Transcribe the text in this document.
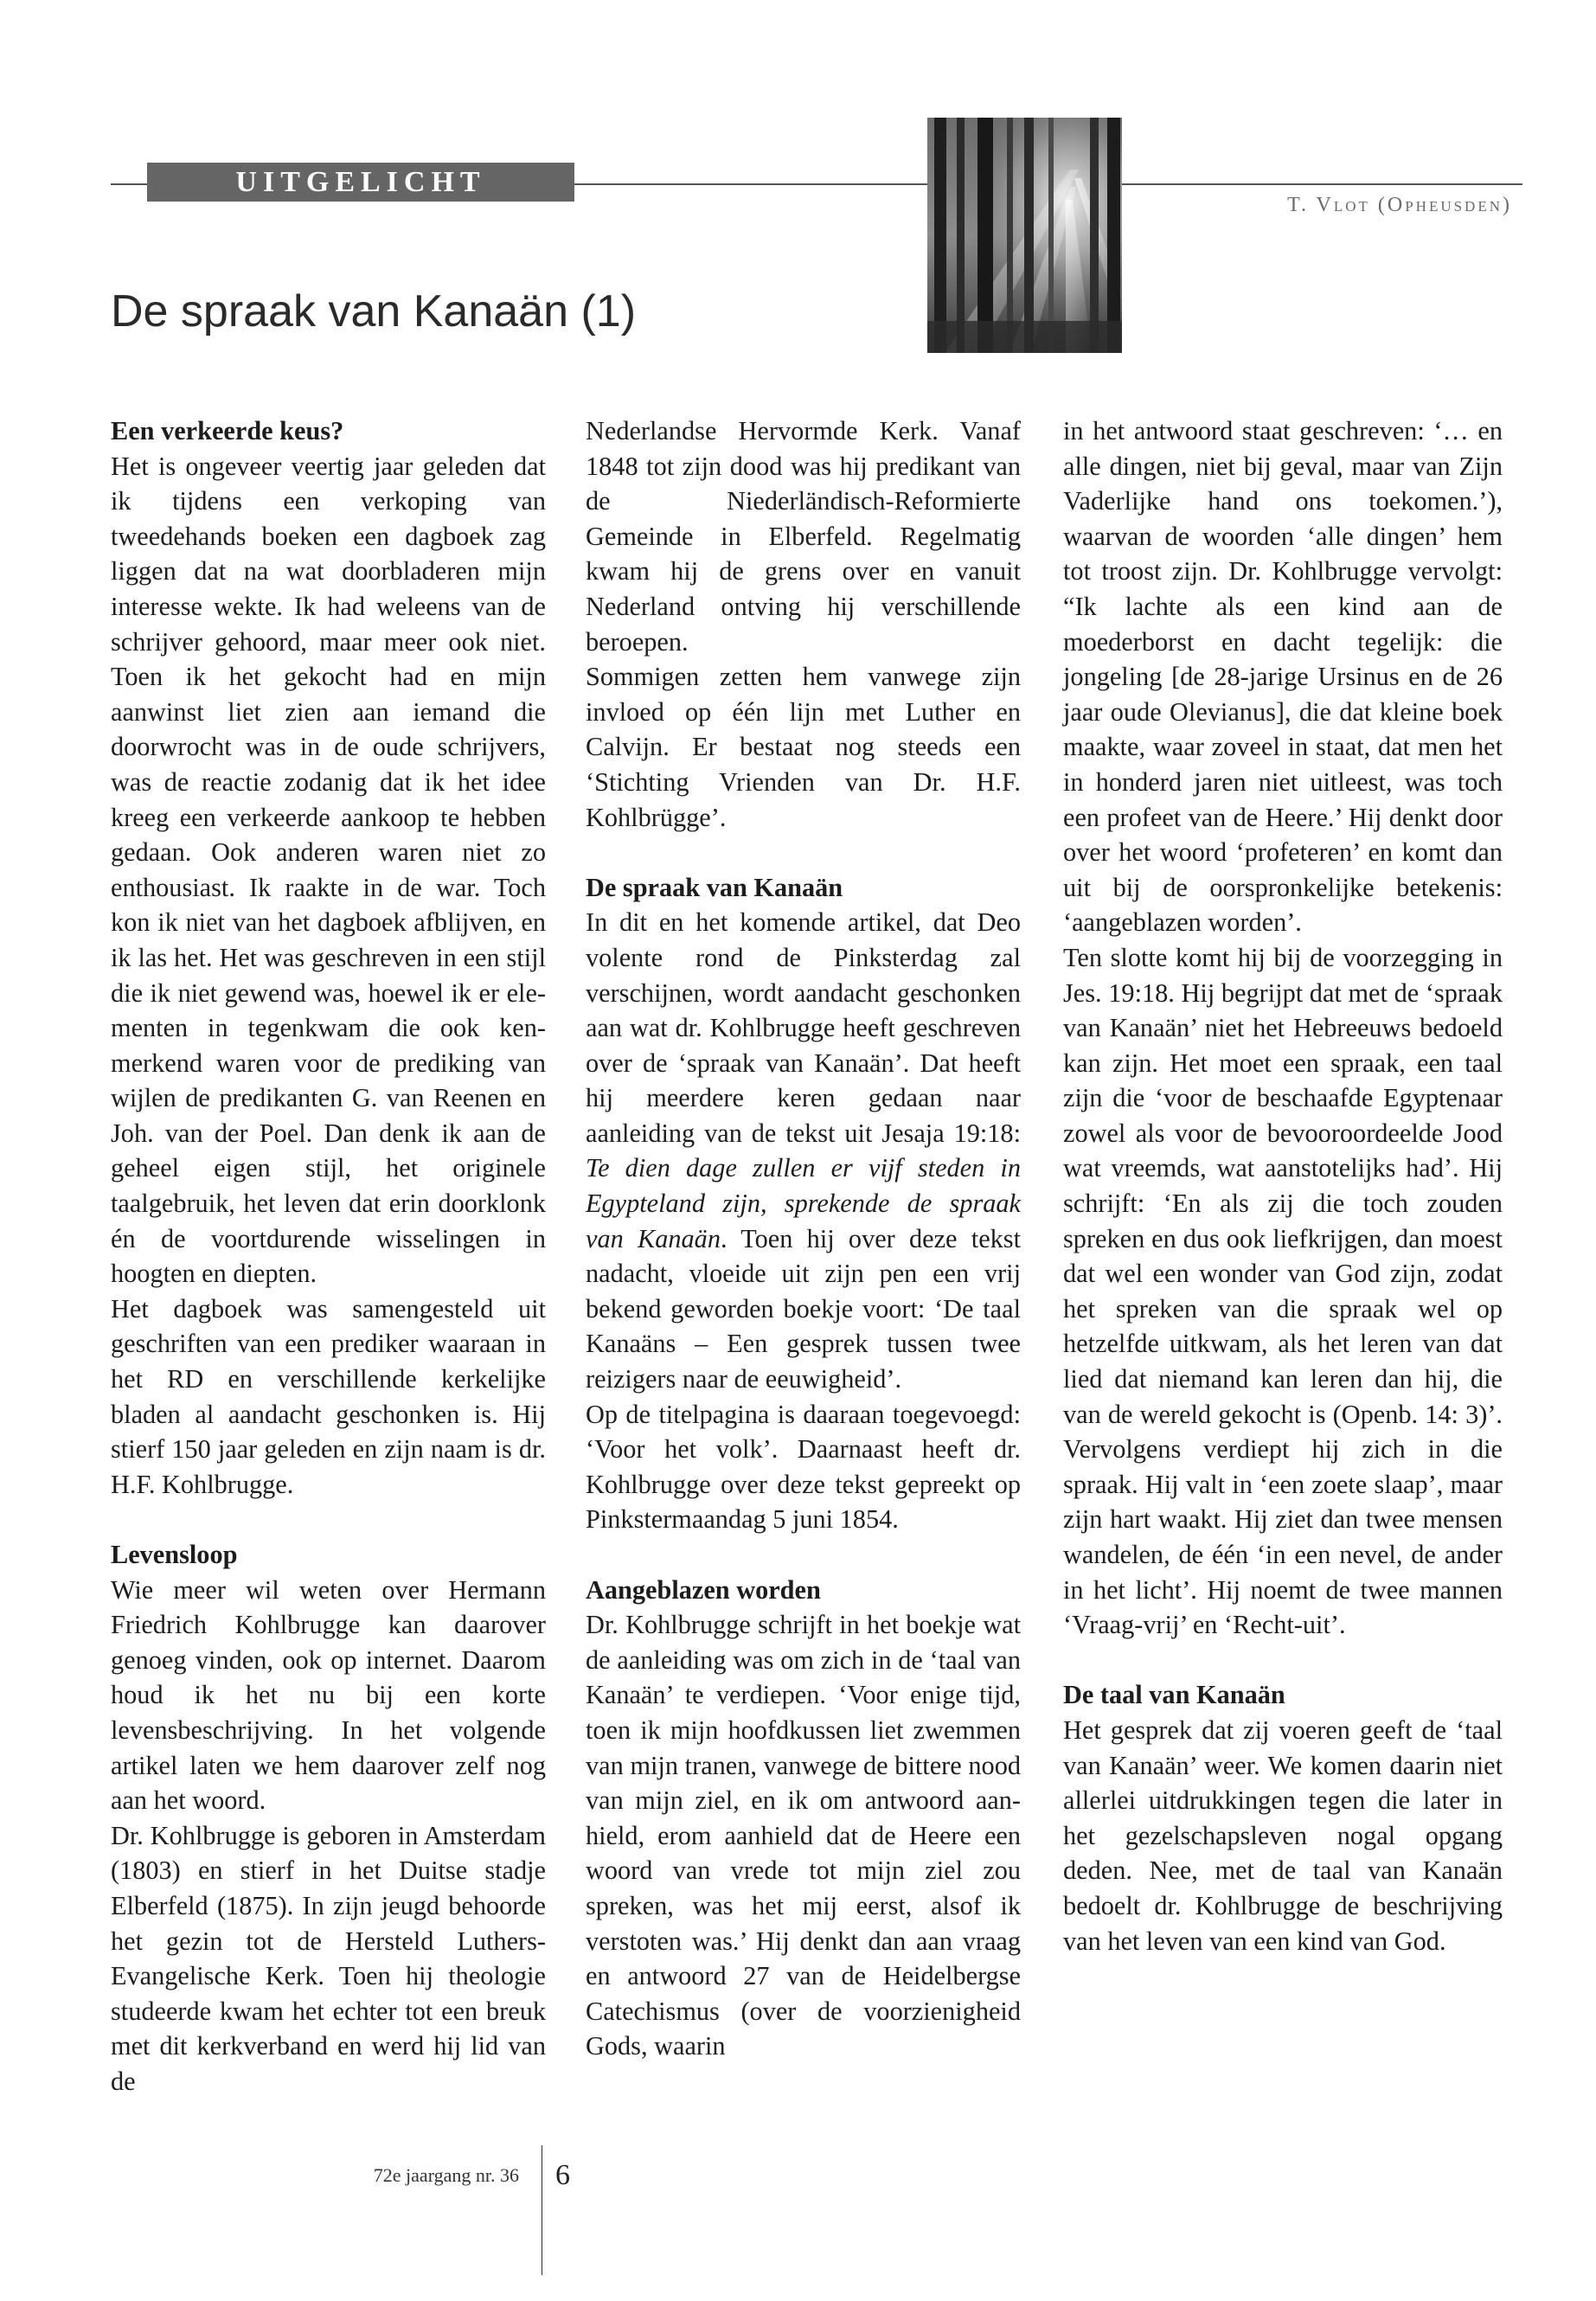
UITGELICHT
T. Vlot (Opheusden)
De spraak van Kanaän (1)
Een verkeerde keus?

Het is ongeveer veertig jaar geleden dat ik tijdens een verkoping van tweedehands boeken een dagboek zag liggen dat na wat doorbladeren mijn interesse wekte. Ik had weleens van de schrijver gehoord, maar meer ook niet. Toen ik het gekocht had en mijn aanwinst liet zien aan iemand die doorwrocht was in de oude schrijvers, was de reactie zodanig dat ik het idee kreeg een verkeerde aankoop te hebben gedaan. Ook anderen waren niet zo enthousiast. Ik raakte in de war. Toch kon ik niet van het dagboek afblijven, en ik las het. Het was geschreven in een stijl die ik niet gewend was, hoewel ik er elementen in tegenkwam die ook kenmerkend waren voor de prediking van wijlen de predikanten G. van Reenen en Joh. van der Poel. Dan denk ik aan de geheel eigen stijl, het originele taalgebruik, het leven dat erin doorklonk én de voortdurende wisselingen in hoogten en diepten.

Het dagboek was samengesteld uit geschriften van een prediker waaraan in het RD en verschillende kerkelijke bladen al aandacht geschonken is. Hij stierf 150 jaar geleden en zijn naam is dr. H.F. Kohlbrugge.

Levensloop

Wie meer wil weten over Hermann Friedrich Kohlbrugge kan daarover genoeg vinden, ook op internet. Daarom houd ik het nu bij een korte levensbeschrijving. In het volgende artikel laten we hem daarover zelf nog aan het woord.

Dr. Kohlbrugge is geboren in Amsterdam (1803) en stierf in het Duitse stadje Elberfeld (1875). In zijn jeugd behoorde het gezin tot de Hersteld Luthers-Evangelische Kerk. Toen hij theologie studeerde kwam het echter tot een breuk met dit kerkverband en werd hij lid van de

Nederlandse Hervormde Kerk. Vanaf 1848 tot zijn dood was hij predikant van de Niederländisch-Reformierte Gemeinde in Elberfeld. Regelmatig kwam hij de grens over en vanuit Nederland ontving hij verschillende beroepen.

Sommigen zetten hem vanwege zijn invloed op één lijn met Luther en Calvijn. Er bestaat nog steeds een ‘Stichting Vrienden van Dr. H.F. Kohlbrügge’.

De spraak van Kanaän

In dit en het komende artikel, dat Deo volente rond de Pinksterdag zal verschijnen, wordt aandacht geschonken aan wat dr. Kohlbrugge heeft geschreven over de ‘spraak van Kanaän’. Dat heeft hij meerdere keren gedaan naar aanleiding van de tekst uit Jesaja 19:18: Te dien dage zullen er vijf steden in Egypteland zijn, sprekende de spraak van Kanaän. Toen hij over deze tekst nadacht, vloeide uit zijn pen een vrij bekend geworden boekje voort: ‘De taal Kanaäns – Een gesprek tussen twee reizigers naar de eeuwigheid’.

Op de titelpagina is daaraan toegevoegd: ‘Voor het volk’. Daarnaast heeft dr. Kohlbrugge over deze tekst gepreekt op Pinkstermaandag 5 juni 1854.

Aangeblazen worden

Dr. Kohlbrugge schrijft in het boekje wat de aanleiding was om zich in de ‘taal van Kanaän’ te verdiepen. ‘Voor enige tijd, toen ik mijn hoofdkussen liet zwemmen van mijn tranen, vanwege de bittere nood van mijn ziel, en ik om antwoord aanhield, erom aanhield dat de Heere een woord van vrede tot mijn ziel zou spreken, was het mij eerst, alsof ik verstoten was.’ Hij denkt dan aan vraag en antwoord 27 van de Heidelbergse Catechismus (over de voorzienigheid Gods, waarin

in het antwoord staat geschreven: ‘… en alle dingen, niet bij geval, maar van Zijn Vaderlijke hand ons toekomen.’), waarvan de woorden ‘alle dingen’ hem tot troost zijn. Dr. Kohlbrugge vervolgt: “Ik lachte als een kind aan de moederborst en dacht tegelijk: die jongeling [de 28-jarige Ursinus en de 26 jaar oude Olevianus], die dat kleine boek maakte, waar zoveel in staat, dat men het in honderd jaren niet uitleest, was toch een profeet van de Heere.’ Hij denkt door over het woord ‘profeteren’ en komt dan uit bij de oorspronkelijke betekenis: ‘aangeblazen worden’.

Ten slotte komt hij bij de voorzegging in Jes. 19:18. Hij begrijpt dat met de ‘spraak van Kanaän’ niet het Hebreeuws bedoeld kan zijn. Het moet een spraak, een taal zijn die ‘voor de beschaafde Egyptenaar zowel als voor de bevooroordeelde Jood wat vreemds, wat aanstotelijks had’. Hij schrijft: ‘En als zij die toch zouden spreken en dus ook liefkrijgen, dan moest dat wel een wonder van God zijn, zodat het spreken van die spraak wel op hetzelfde uitkwam, als het leren van dat lied dat niemand kan leren dan hij, die van de wereld gekocht is (Openb. 14: 3)’. Vervolgens verdiept hij zich in die spraak. Hij valt in ‘een zoete slaap’, maar zijn hart waakt. Hij ziet dan twee mensen wandelen, de één ‘in een nevel, de ander in het licht’. Hij noemt de twee mannen ‘Vraag-vrij’ en ‘Recht-uit’.

De taal van Kanaän

Het gesprek dat zij voeren geeft de ‘taal van Kanaän’ weer. We komen daarin niet allerlei uitdrukkingen tegen die later in het gezelschapsleven nogal opgang deden. Nee, met de taal van Kanaän bedoelt dr. Kohlbrugge de beschrijving van het leven van een kind van God.

72e jaargang nr. 36 6
